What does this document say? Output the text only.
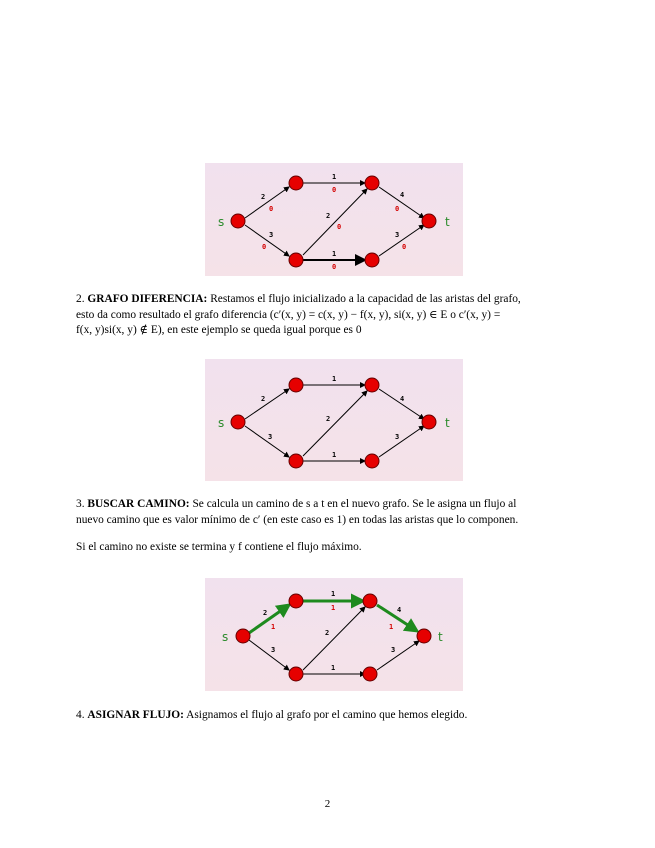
s	t
2
0
3
0
1
0
2
0
1
0
4
0
3
0
2. GRAFO DIFERENCIA: Restamos el flujo inicializado a la capacidad de las aristas del grafo,
esto da como resultado el grafo diferencia (c′(x, y) = c(x, y) − f(x, y), si(x, y) ∈ E o c′(x, y) =
f(x, y)si(x, y) ∉ E), en este ejemplo se queda igual porque es 0
s	t
2
3
1
2
1
4
3
3. BUSCAR CAMINO: Se calcula un camino de s a t en el nuevo grafo. Se le asigna un flujo al
nuevo camino que es valor mínimo de c′ (en este caso es 1) en todas las aristas que lo componen.
Si el camino no existe se termina y f contiene el flujo máximo.
s	t
2
1
3
1
1
2
1
4
1
3
4. ASIGNAR FLUJO: Asignamos el flujo al grafo por el camino que hemos elegido.
2
